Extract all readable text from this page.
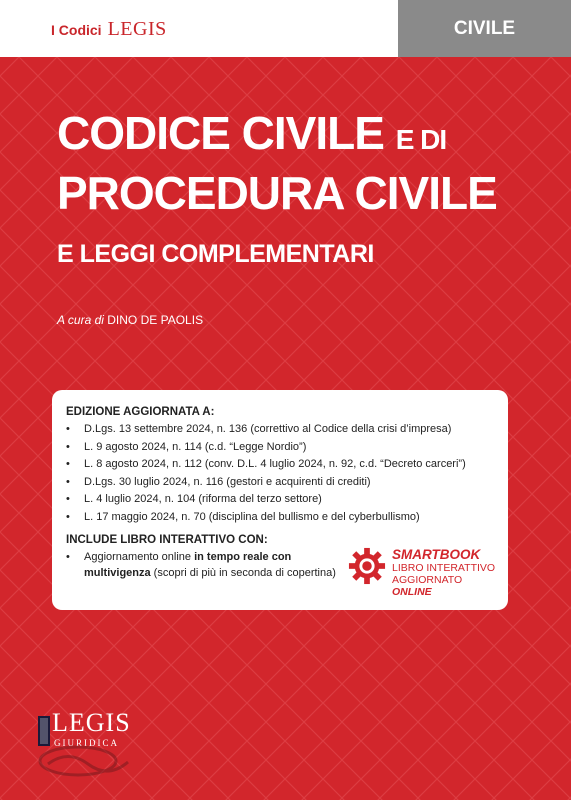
I Codici LEGIS	CIVILE
CODICE CIVILE E DI
PROCEDURA CIVILE
E LEGGI COMPLEMENTARI
A cura di DINO DE PAOLIS
EDIZIONE AGGIORNATA A:
• D.Lgs. 13 settembre 2024, n. 136 (correttivo al Codice della crisi d’impresa)
• L. 9 agosto 2024, n. 114 (c.d. “Legge Nordio”)
• L. 8 agosto 2024, n. 112 (conv. D.L. 4 luglio 2024, n. 92, c.d. “Decreto carceri”)
• D.Lgs. 30 luglio 2024, n. 116 (gestori e acquirenti di crediti)
• L. 4 luglio 2024, n. 104 (riforma del terzo settore)
• L. 17 maggio 2024, n. 70 (disciplina del bullismo e del cyberbullismo)
INCLUDE LIBRO INTERATTIVO CON:
• Aggiornamento online in tempo reale con multivigenza (scopri di più in seconda di copertina)
SMARTBOOK
LIBRO INTERATTIVO
AGGIORNATO ONLINE
LEGIS
GIURIDICA
